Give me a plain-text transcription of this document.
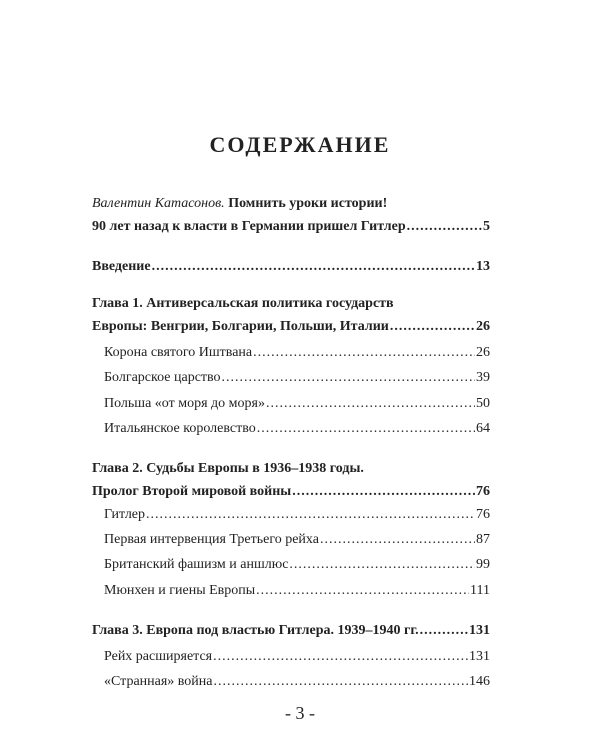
СОДЕРЖАНИЕ
Валентин Катасонов. Помнить уроки истории!
90 лет назад к власти в Германии пришел Гитлер .....	5
Введение .....	13
Глава 1. Антиверсальская политика государств
Европы: Венгрии, Болгарии, Польши, Италии .....	26
Корона святого Иштвана .....	26
Болгарское царство .....	39
Польша «от моря до моря» .....	50
Итальянское королевство .....	64
Глава 2. Судьбы Европы в 1936–1938 годы.
Пролог Второй мировой войны .....	76
Гитлер .....	76
Первая интервенция Третьего рейха .....	87
Британский фашизм и аншлюс .....	99
Мюнхен и гиены Европы .....	111
Глава 3. Европа под властью Гитлера. 1939–1940 гг. .....	131
Рейх расширяется .....	131
«Странная» война .....	146
- 3 -
